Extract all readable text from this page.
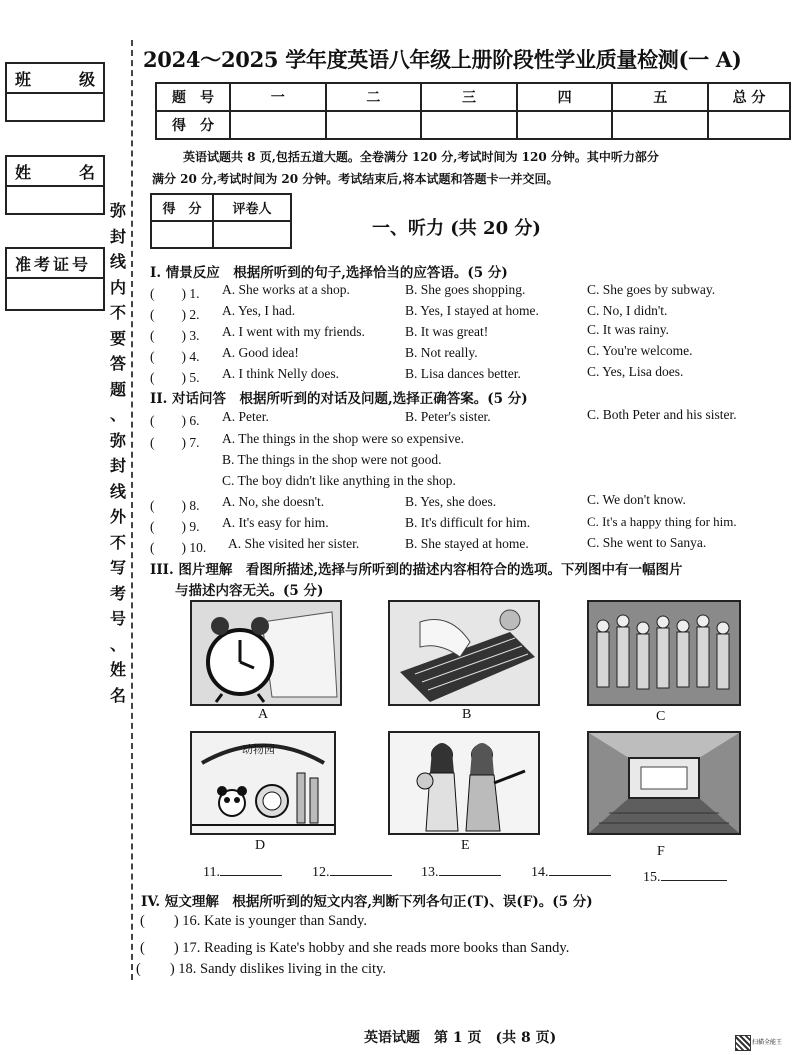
班	级
姓	名
准考证号
弥
封
线
内
不
要
答
题
、
弥
封
线
外
不
写
考
号
、
姓
名
2024～2025 学年度英语八年级上册阶段性学业质量检测(一 A)
题　号	一	二	三	四	五	总 分
得　分						
英语试题共 8 页,包括五道大题。全卷满分 120 分,考试时间为 120 分钟。其中听力部分
满分 20 分,考试时间为 20 分钟。考试结束后,将本试题和答题卡一并交回。
得　分	评卷人

一、听力 (共 20 分)
I. 情景反应　根据所听到的句子,选择恰当的应答语。(5 分)
(　　) 1. A. She works at a shop.	B. She goes shopping.	C. She goes by subway.
(　　) 2. A. Yes, I had.	B. Yes, I stayed at home.	C. No, I didn't.
(　　) 3. A. I went with my friends.	B. It was great!	C. It was rainy.
(　　) 4. A. Good idea!	B. Not really.	C. You're welcome.
(　　) 5. A. I think Nelly does.	B. Lisa dances better.	C. Yes, Lisa does.
II. 对话问答　根据所听到的对话及问题,选择正确答案。(5 分)
(　　) 6. A. Peter.	B. Peter's sister.	C. Both Peter and his sister.
(　　) 7. A. The things in the shop were so expensive.
B. The things in the shop were not good.
C. The boy didn't like anything in the shop.
(　　) 8. A. No, she doesn't.	B. Yes, she does.	C. We don't know.
(　　) 9. A. It's easy for him.	B. It's difficult for him.	C. It's a happy thing for him.
(　　) 10. A. She visited her sister.	B. She stayed at home.	C. She went to Sanya.
III. 图片理解　看图所描述,选择与所听到的描述内容相符合的选项。下列图中有一幅图片
与描述内容无关。(5 分)
A	B	C
动物园
D	E	F
11.	12.	13.	14.	15.
IV. 短文理解　根据所听到的短文内容,判断下列各句正(T)、误(F)。(5 分)
(　　) 16. Kate is younger than Sandy.
(　　) 17. Reading is Kate's hobby and she reads more books than Sandy.
(　　) 18. Sandy dislikes living in the city.
英语试题　第 1 页　(共 8 页)	扫描全能王
